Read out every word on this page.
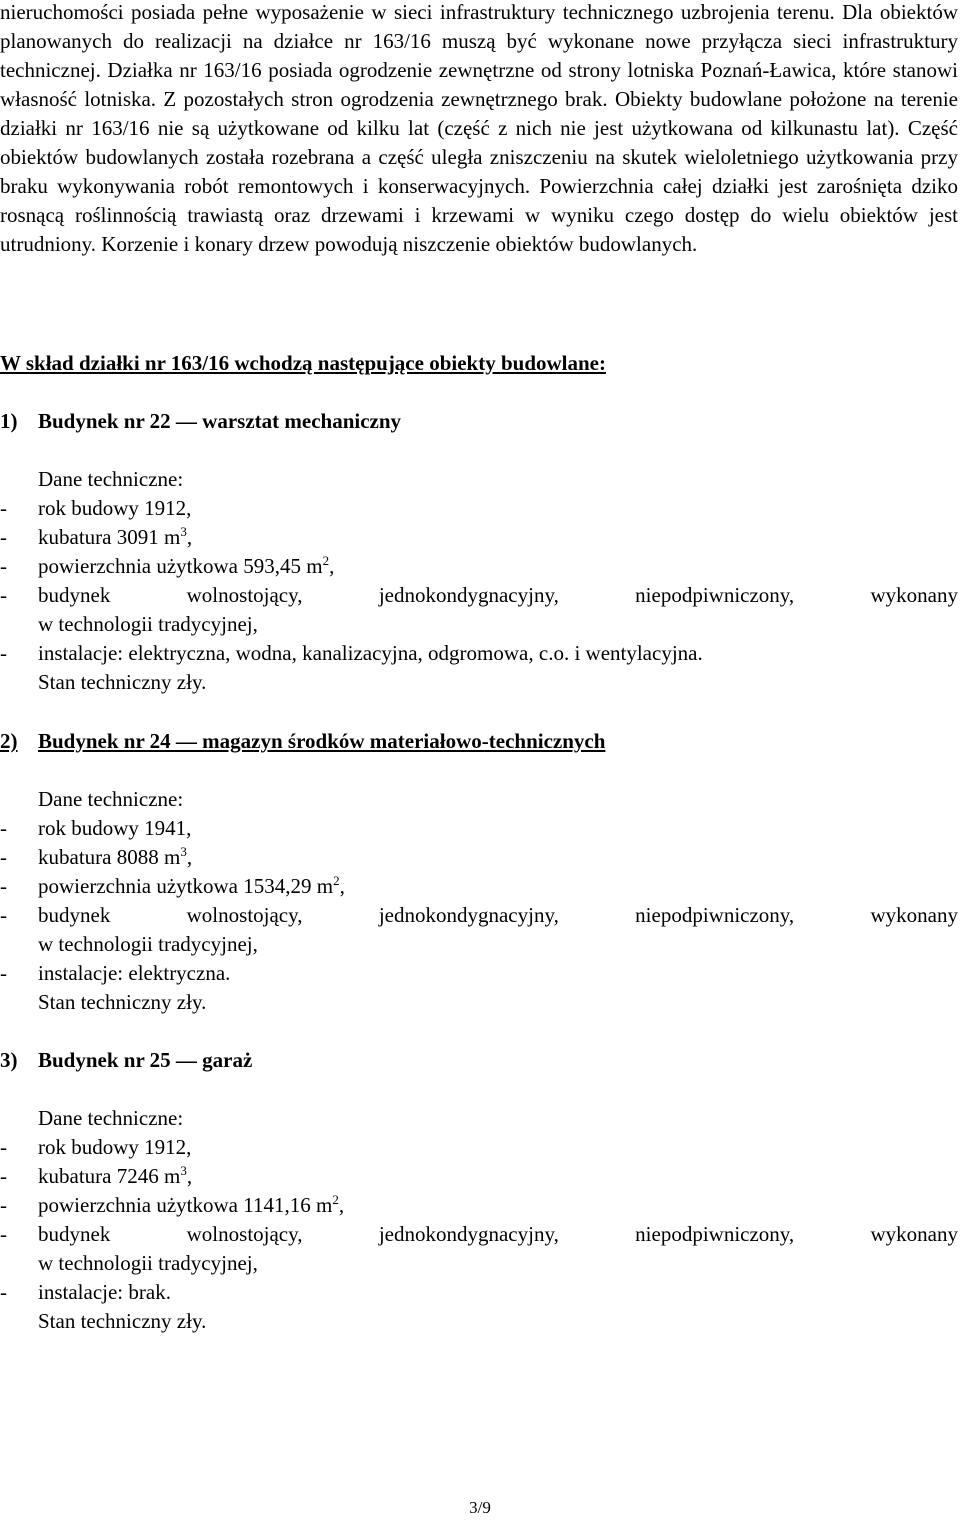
nieruchomości posiada pełne wyposażenie w sieci infrastruktury technicznego uzbrojenia terenu. Dla obiektów planowanych do realizacji na działce nr 163/16 muszą być wykonane nowe przyłącza sieci infrastruktury technicznej. Działka nr 163/16 posiada ogrodzenie zewnętrzne od strony lotniska Poznań-Ławica, które stanowi własność lotniska. Z pozostałych stron ogrodzenia zewnętrznego brak. Obiekty budowlane położone na terenie działki nr 163/16 nie są użytkowane od kilku lat (część z nich nie jest użytkowana od kilkunastu lat). Część obiektów budowlanych została rozebrana a część uległa zniszczeniu na skutek wieloletniego użytkowania przy braku wykonywania robót remontowych i konserwacyjnych. Powierzchnia całej działki jest zarośnięta dziko rosnącą roślinnością trawiastą oraz drzewami i krzewami w wyniku czego dostęp do wielu obiektów jest utrudniony. Korzenie i konary drzew powodują niszczenie obiektów budowlanych.

W skład działki nr 163/16 wchodzą następujące obiekty budowlane:

1) Budynek nr 22 — warsztat mechaniczny

Dane techniczne:

- rok budowy 1912,
- kubatura 3091 $m^3$,
- powierzchnia użytkowa 593,45 $m^2$,
- budynek wolnostojący, jednokondygnacyjny, niepodpiwniczony, wykonany
w technologii tradycyjnej,
- instalacje: elektryczna, wodna, kanalizacyjna, odgromowa, c.o. i wentylacyjna.

Stan techniczny zły.

2) Budynek nr 24 — magazyn środków materiałowo-technicznych

Dane techniczne:

- rok budowy 1941,
- kubatura 8088 $m^3$,
- powierzchnia użytkowa 1534,29 $m^2$,
- budynek wolnostojący, jednokondygnacyjny, niepodpiwniczony, wykonany
w technologii tradycyjnej,
- instalacje: elektryczna.

Stan techniczny zły.

3) Budynek nr 25 — garaż

Dane techniczne:

- rok budowy 1912,
- kubatura 7246 $m^3$,
- powierzchnia użytkowa 1141,16 $m^2$,
- budynek wolnostojący, jednokondygnacyjny, niepodpiwniczony, wykonany
w technologii tradycyjnej,
- instalacje: brak.

Stan techniczny zły.

3/9
